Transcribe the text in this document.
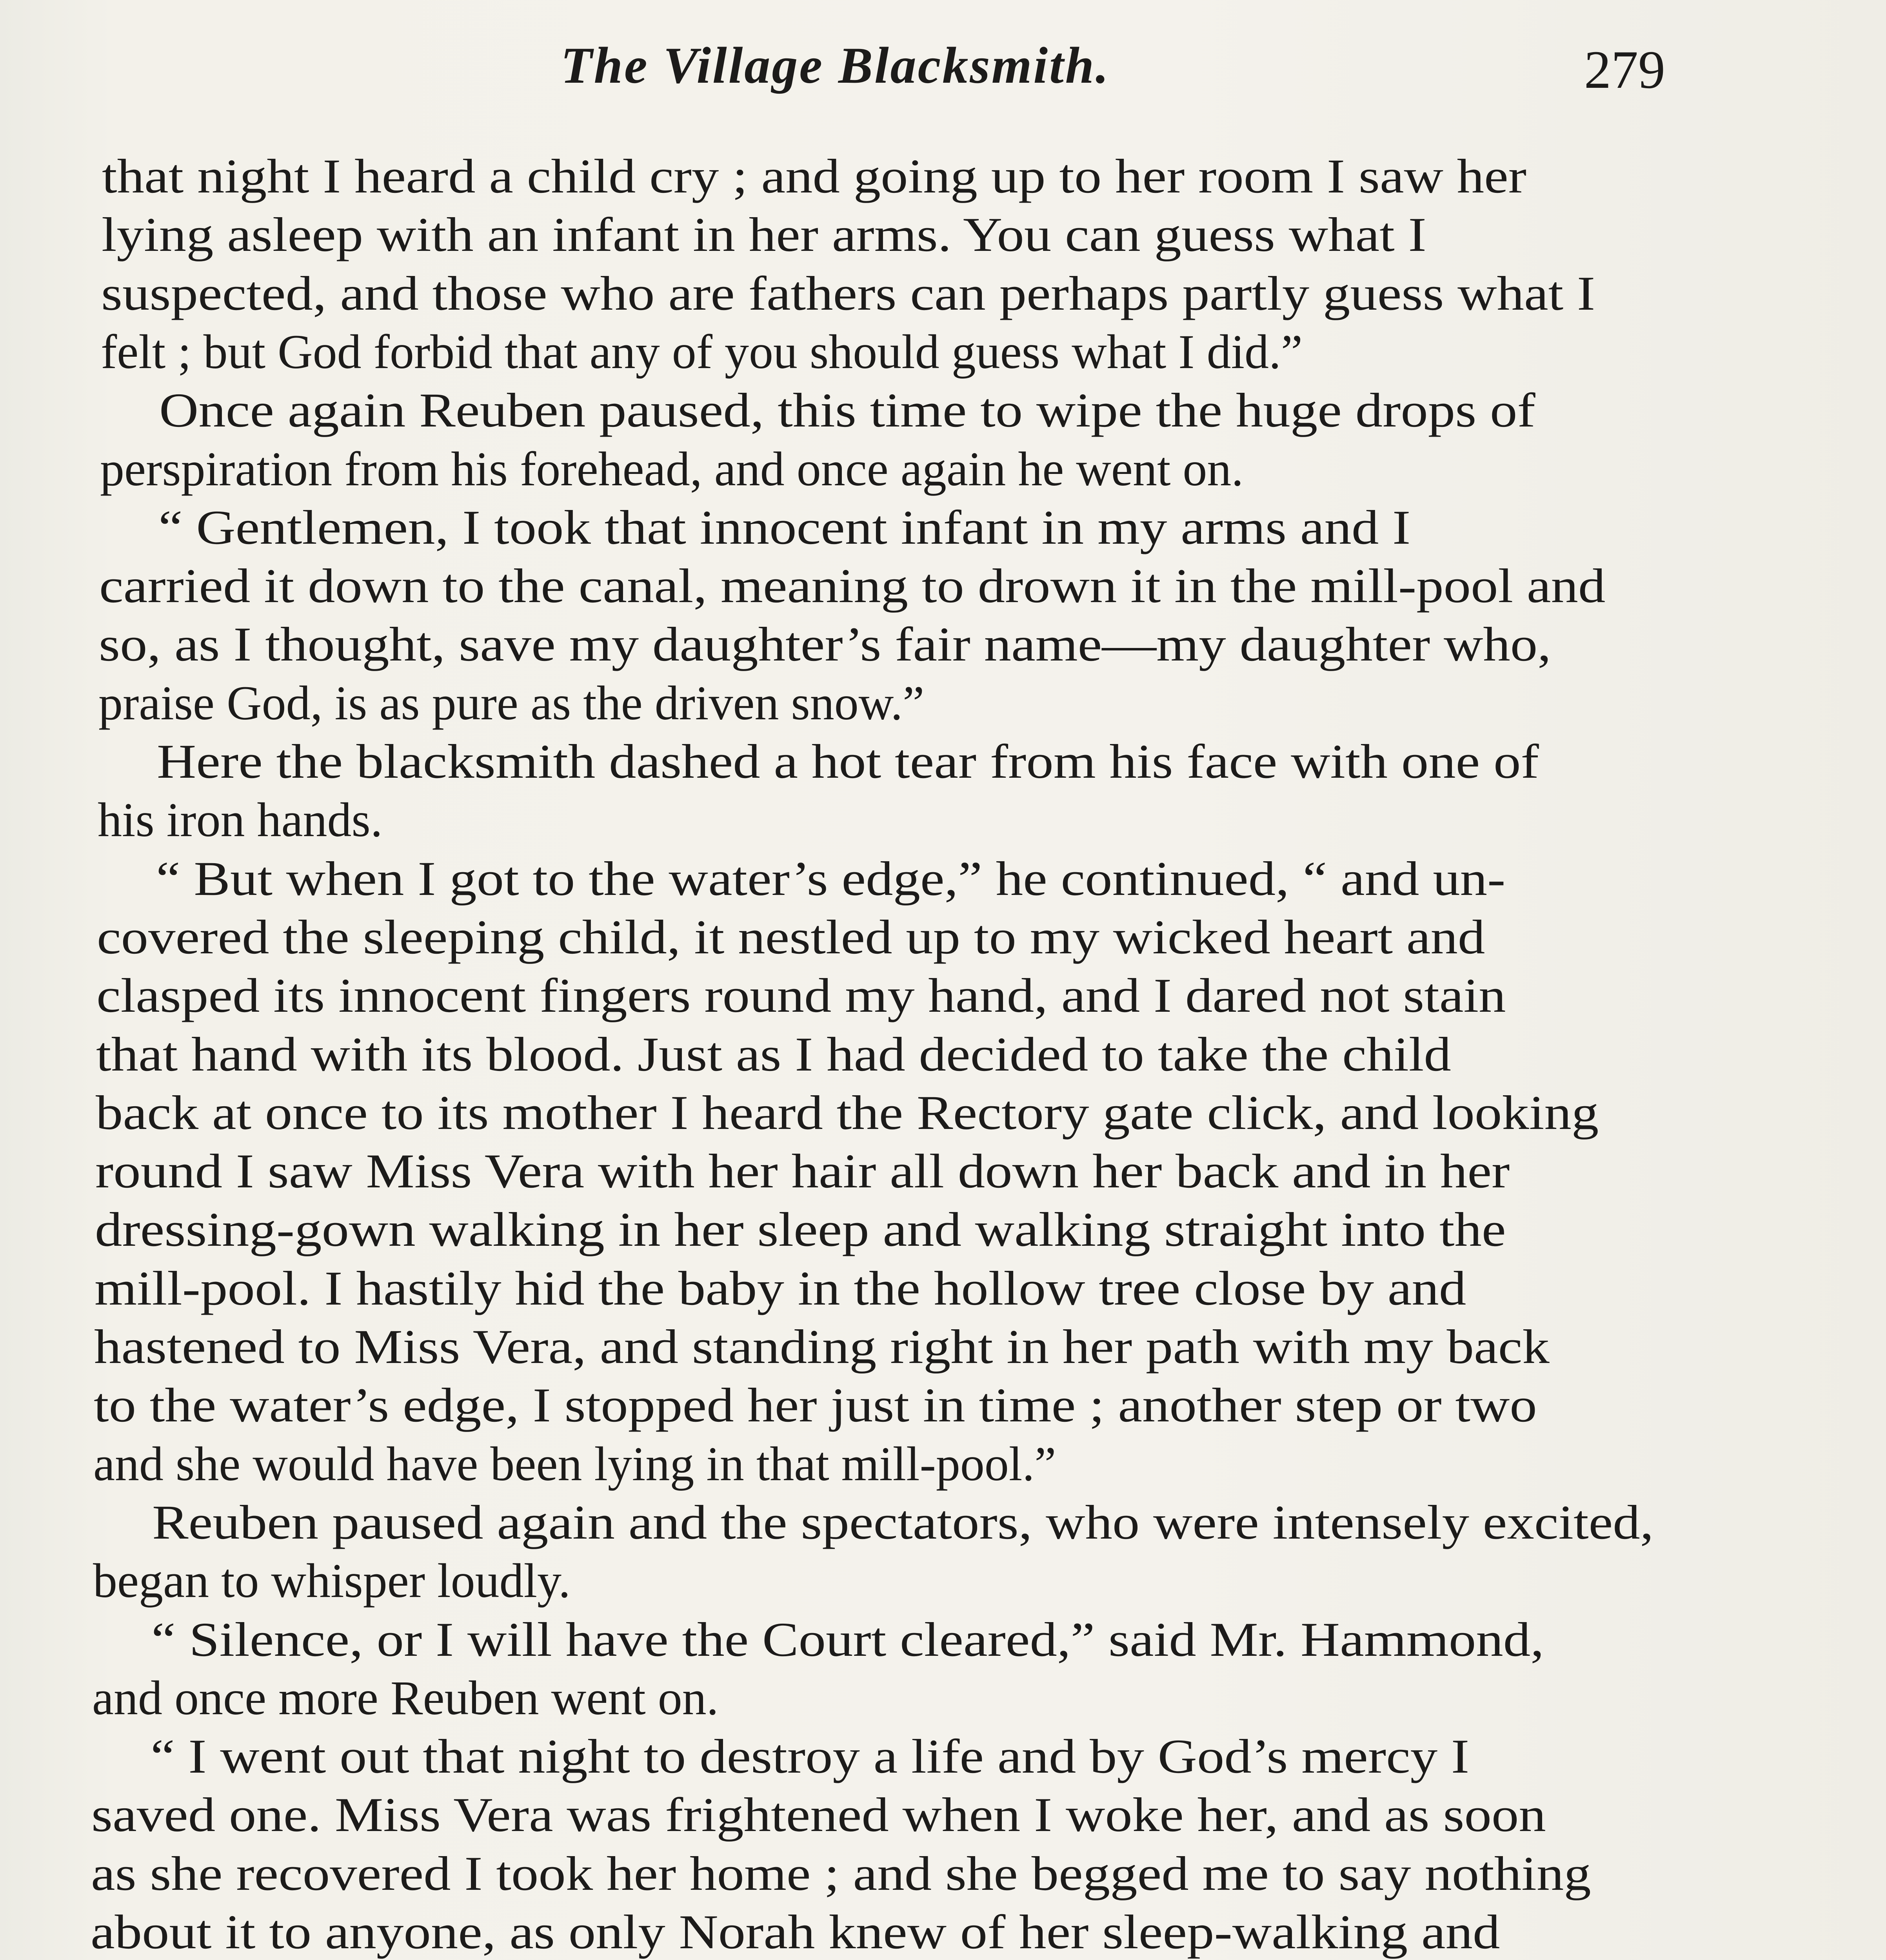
The Village Blacksmith.	279
that night I heard a child cry ; and going up to her room I saw her
lying asleep with an infant in her arms. You can guess what I
suspected, and those who are fathers can perhaps partly guess what I
felt ; but God forbid that any of you should guess what I did.”
Once again Reuben paused, this time to wipe the huge drops of
perspiration from his forehead, and once again he went on.
“ Gentlemen, I took that innocent infant in my arms and I
carried it down to the canal, meaning to drown it in the mill-pool and
so, as I thought, save my daughter’s fair name—my daughter who,
praise God, is as pure as the driven snow.”
Here the blacksmith dashed a hot tear from his face with one of
his iron hands.
“ But when I got to the water’s edge,” he continued, “ and un-
covered the sleeping child, it nestled up to my wicked heart and
clasped its innocent fingers round my hand, and I dared not stain
that hand with its blood. Just as I had decided to take the child
back at once to its mother I heard the Rectory gate click, and looking
round I saw Miss Vera with her hair all down her back and in her
dressing-gown walking in her sleep and walking straight into the
mill-pool. I hastily hid the baby in the hollow tree close by and
hastened to Miss Vera, and standing right in her path with my back
to the water’s edge, I stopped her just in time ; another step or two
and she would have been lying in that mill-pool.”
Reuben paused again and the spectators, who were intensely excited,
began to whisper loudly.
“ Silence, or I will have the Court cleared,” said Mr. Hammond,
and once more Reuben went on.
“ I went out that night to destroy a life and by God’s mercy I
saved one. Miss Vera was frightened when I woke her, and as soon
as she recovered I took her home ; and she begged me to say nothing
about it to anyone, as only Norah knew of her sleep-walking and
